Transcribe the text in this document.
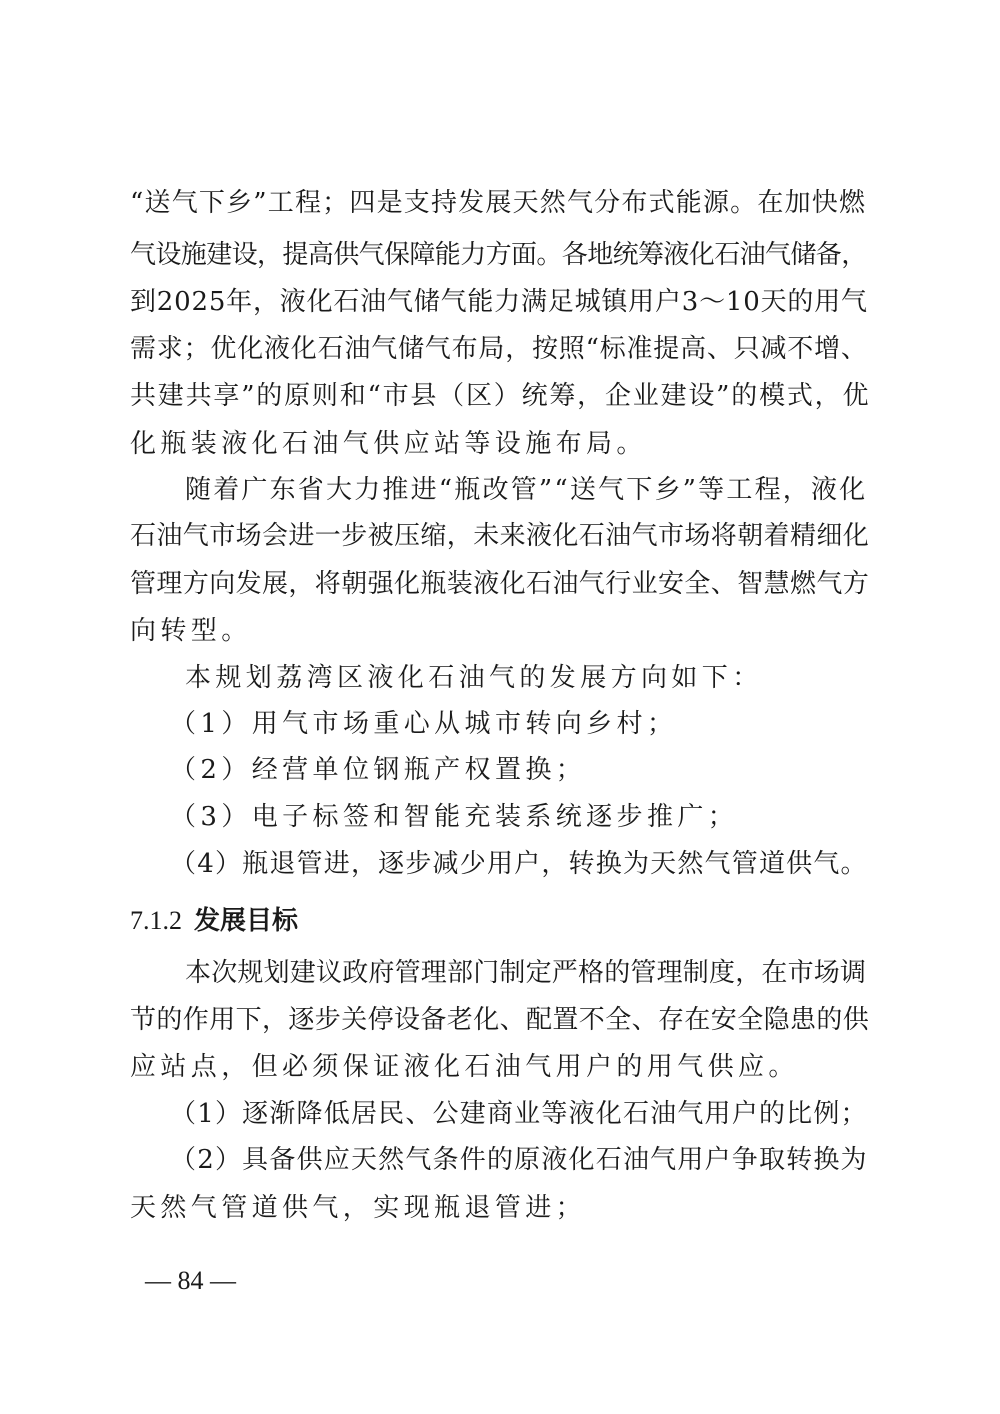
“送气下乡”工程；四是支持发展天然气分布式能源。在加快燃
气设施建设，提高供气保障能力方面。各地统筹液化石油气储备，
到2025年，液化石油气储气能力满足城镇用户3～10天的用气
需求；优化液化石油气储气布局，按照“标准提高、只减不增、
共建共享”的原则和“市县（区）统筹，企业建设”的模式，优
化瓶装液化石油气供应站等设施布局。
随着广东省大力推进“瓶改管”“送气下乡”等工程，液化
石油气市场会进一步被压缩，未来液化石油气市场将朝着精细化
管理方向发展，将朝强化瓶装液化石油气行业安全、智慧燃气方
向转型。
本规划荔湾区液化石油气的发展方向如下：
（1）用气市场重心从城市转向乡村；
（2）经营单位钢瓶产权置换；
（3）电子标签和智能充装系统逐步推广；
（4）瓶退管进，逐步减少用户，转换为天然气管道供气。
7.1.2 发展目标
本次规划建议政府管理部门制定严格的管理制度，在市场调
节的作用下，逐步关停设备老化、配置不全、存在安全隐患的供
应站点，但必须保证液化石油气用户的用气供应。
（1）逐渐降低居民、公建商业等液化石油气用户的比例；
（2）具备供应天然气条件的原液化石油气用户争取转换为
天然气管道供气，实现瓶退管进；
— 84 —
